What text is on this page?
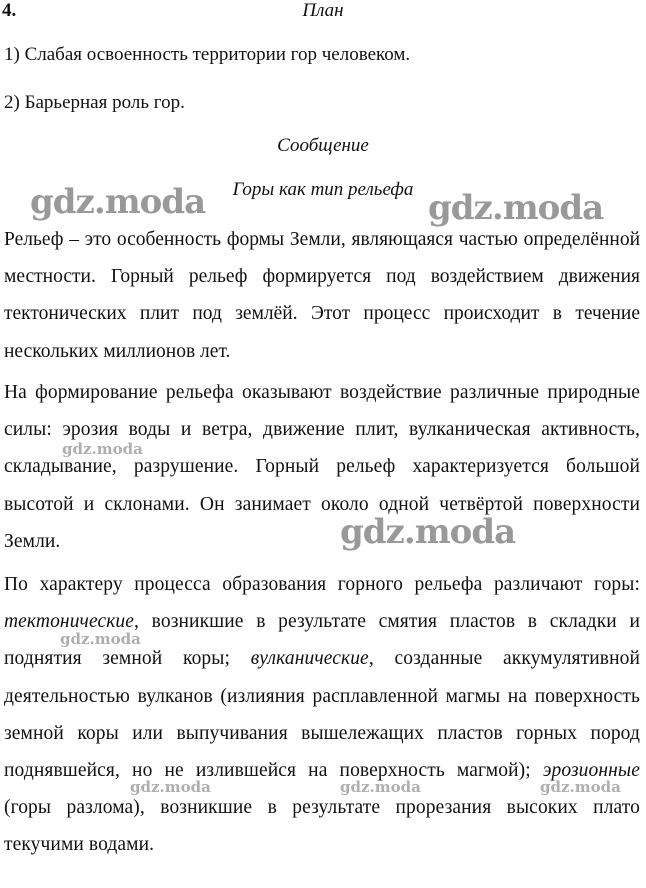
4.	План
1) Слабая освоенность территории гор человеком.
2) Барьерная роль гор.
Сообщение
Горы как тип рельефа
Рельеф – это особенность формы Земли, являющаяся частью определённой местности. Горный рельеф формируется под воздействием движения тектонических плит под землёй. Этот процесс происходит в течение нескольких миллионов лет.
На формирование рельефа оказывают воздействие различные природные силы: эрозия воды и ветра, движение плит, вулканическая активность, складывание, разрушение. Горный рельеф характеризуется большой высотой и склонами. Он занимает около одной четвёртой поверхности Земли.
По характеру процесса образования горного рельефа различают горы: тектонические, возникшие в результате смятия пластов в складки и поднятия земной коры; вулканические, созданные аккумулятивной деятельностью вулканов (излияния расплавленной магмы на поверхность земной коры или выпучивания вышележащих пластов горных пород поднявшейся, но не излившейся на поверхность магмой); эрозионные (горы разлома), возникшие в результате прорезания высоких плато текучими водами.
gdz.moda	gdz.moda
gdz.moda
gdz.moda
gdz.moda
gdz.moda	gdz.moda	gdz.moda
